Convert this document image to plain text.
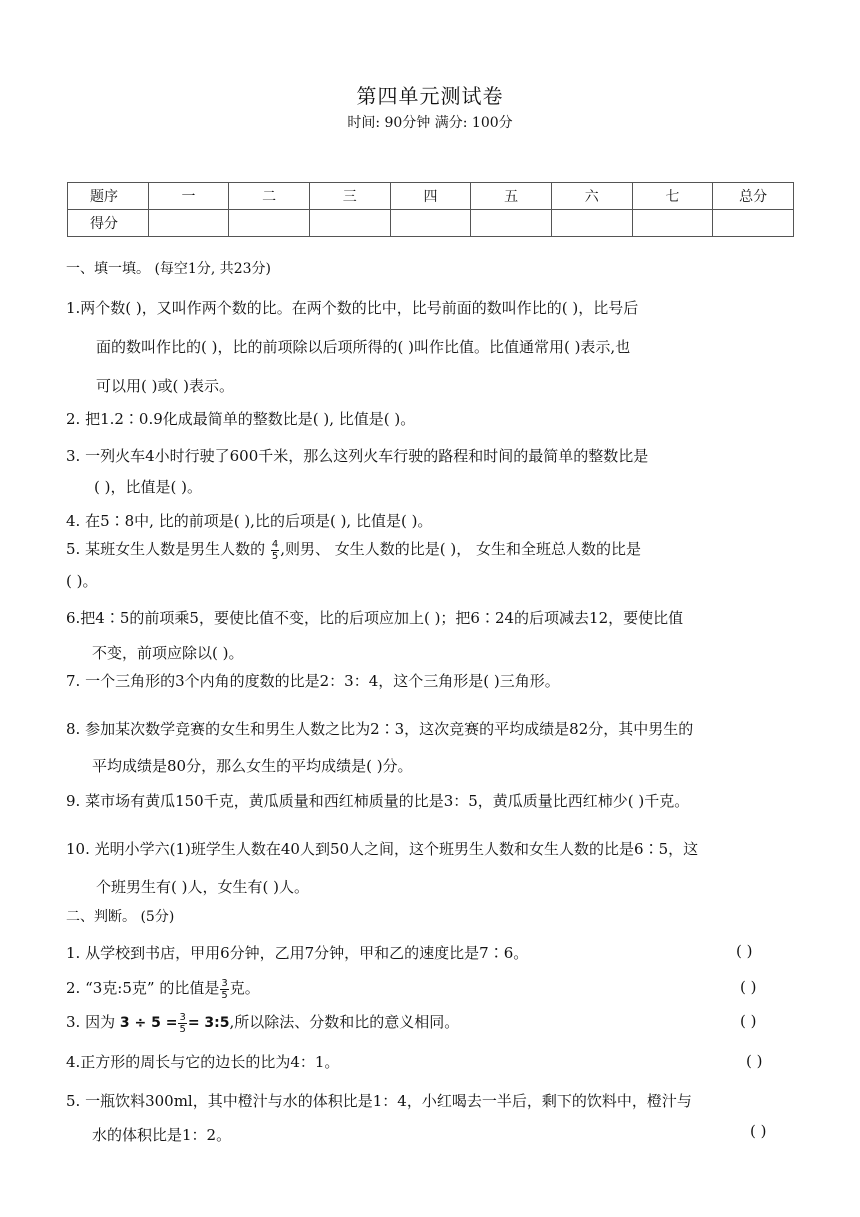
第四单元测试卷
时间: 90分钟 满分: 100分
题序	一	二	三	四	五	六	七	总分
得分								
一、填一填。 (每空1分, 共23分)
1.两个数( )，又叫作两个数的比。在两个数的比中，比号前面的数叫作比的( )，比号后
面的数叫作比的( )，比的前项除以后项所得的( )叫作比值。比值通常用( )表示,也
可以用( )或( )表示。
2. 把1.2∶0.9化成最简单的整数比是( ), 比值是( )。
3. 一列火车4小时行驶了600千米，那么这列火车行驶的路程和时间的最简单的整数比是
( )，比值是( )。
4. 在5∶8中, 比的前项是( ),比的后项是( ), 比值是( )。
5. 某班女生人数是男生人数的 $\frac{4}{5}$ ,则男、 女生人数的比是( )， 女生和全班总人数的比是
( )。
6.把4∶5的前项乘5，要使比值不变，比的后项应加上( )；把6∶24的后项减去12，要使比值
不变，前项应除以( )。
7. 一个三角形的3个内角的度数的比是2：3：4，这个三角形是( )三角形。
8. 参加某次数学竞赛的女生和男生人数之比为2∶3，这次竞赛的平均成绩是82分，其中男生的
平均成绩是80分，那么女生的平均成绩是( )分。
9. 菜市场有黄瓜150千克，黄瓜质量和西红柿质量的比是3：5，黄瓜质量比西红柿少( )千克。
10. 光明小学六(1)班学生人数在40人到50人之间，这个班男生人数和女生人数的比是6∶5，这
个班男生有( )人，女生有( )人。
二、判断。 (5分)
1. 从学校到书店，甲用6分钟，乙用7分钟，甲和乙的速度比是7∶6。	( )
2. “3克:5克” 的比值是 $\frac{3}{5}$ 克。	( )
3. 因为 $3 \div 5 = \frac{3}{5}$ = 3:5,所以除法、分数和比的意义相同。	( )
4.正方形的周长与它的边长的比为4：1。	( )
5. 一瓶饮料300ml，其中橙汁与水的体积比是1：4，小红喝去一半后，剩下的饮料中，橙汁与
水的体积比是1：2。	( )
